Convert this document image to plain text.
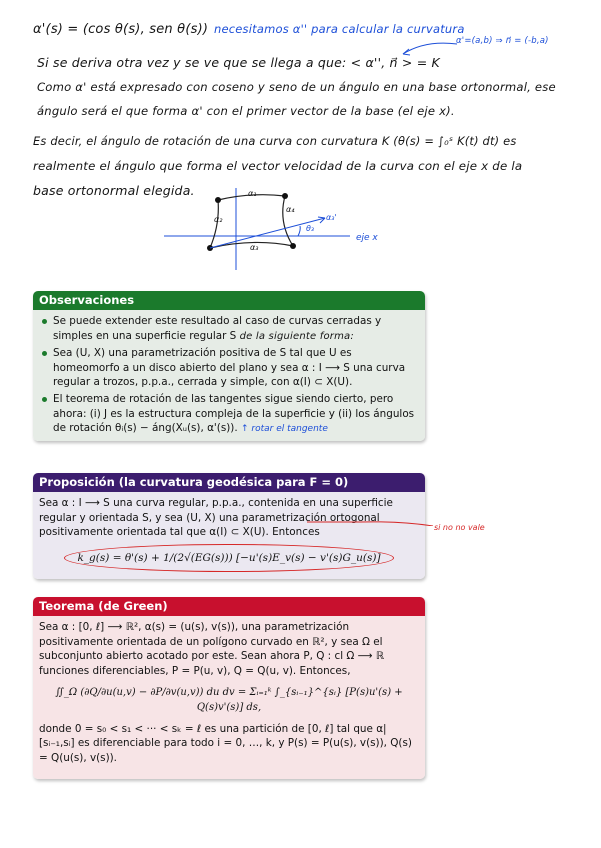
α'(s) = (cos θ(s), sen θ(s)) necesitamos α'' para calcular la curvatura
α'=(a,b) ⇒ n⃗ = (-b,a)
Si se deriva otra vez y se ve que se llega a que: < α'', n⃗ > = K
Como α' está expresado con coseno y seno de un ángulo en una base ortonormal, ese
ángulo será el que forma α' con el primer vector de la base (el eje x).
Es decir, el ángulo de rotación de una curva con curvatura K (θ(s) = ∫₀ˢ K(t) dt) es
realmente el ángulo que forma el vector velocidad de la curva con el eje x de la
base ortonormal elegida.	α₁
α₂
α₃
α₄
α₃'
θ₃
eje x
Observaciones
Se puede extender este resultado al caso de curvas cerradas y simples en una superficie regular S de la siguiente forma:
Sea (U, X) una parametrización positiva de S tal que U es homeomorfo a un disco abierto del plano y sea α : I ⟶ S una curva regular a trozos, p.p.a., cerrada y simple, con α(I) ⊂ X(U).
El teorema de rotación de las tangentes sigue siendo cierto, pero ahora: (i) J es la estructura compleja de la superficie y (ii) los ángulos de rotación θᵢ(s) − áng(Xᵤ(s), α'(s)). ↑ rotar el tangente
Proposición (la curvatura geodésica para F = 0)
Sea α : I ⟶ S una curva regular, p.p.a., contenida en una superficie regular y orientada S, y sea (U, X) una parametrización ortogonal positivamente orientada tal que α(I) ⊂ X(U). Entonces
k_g(s) = θ'(s) + 1/(2√(EG(s))) [−u'(s)E_v(s) − v'(s)G_u(s)]
si no no vale
Teorema (de Green)
Sea α : [0, ℓ] ⟶ ℝ², α(s) = (u(s), v(s)), una parametrización positivamente orientada de un polígono curvado en ℝ², y sea Ω el subconjunto abierto acotado por este. Sean ahora P, Q : cl Ω ⟶ ℝ funciones diferenciables, P = P(u, v), Q = Q(u, v). Entonces,
∬_Ω (∂Q/∂u(u,v) − ∂P/∂v(u,v)) du dv = Σᵢ₌₁ᵏ ∫_{sᵢ₋₁}^{sᵢ} [P(s)u'(s) + Q(s)v'(s)] ds,
donde 0 = s₀ < s₁ < ··· < sₖ = ℓ es una partición de [0, ℓ] tal que α|[sᵢ₋₁,sᵢ] es diferenciable para todo i = 0, …, k, y P(s) = P(u(s), v(s)), Q(s) = Q(u(s), v(s)).
